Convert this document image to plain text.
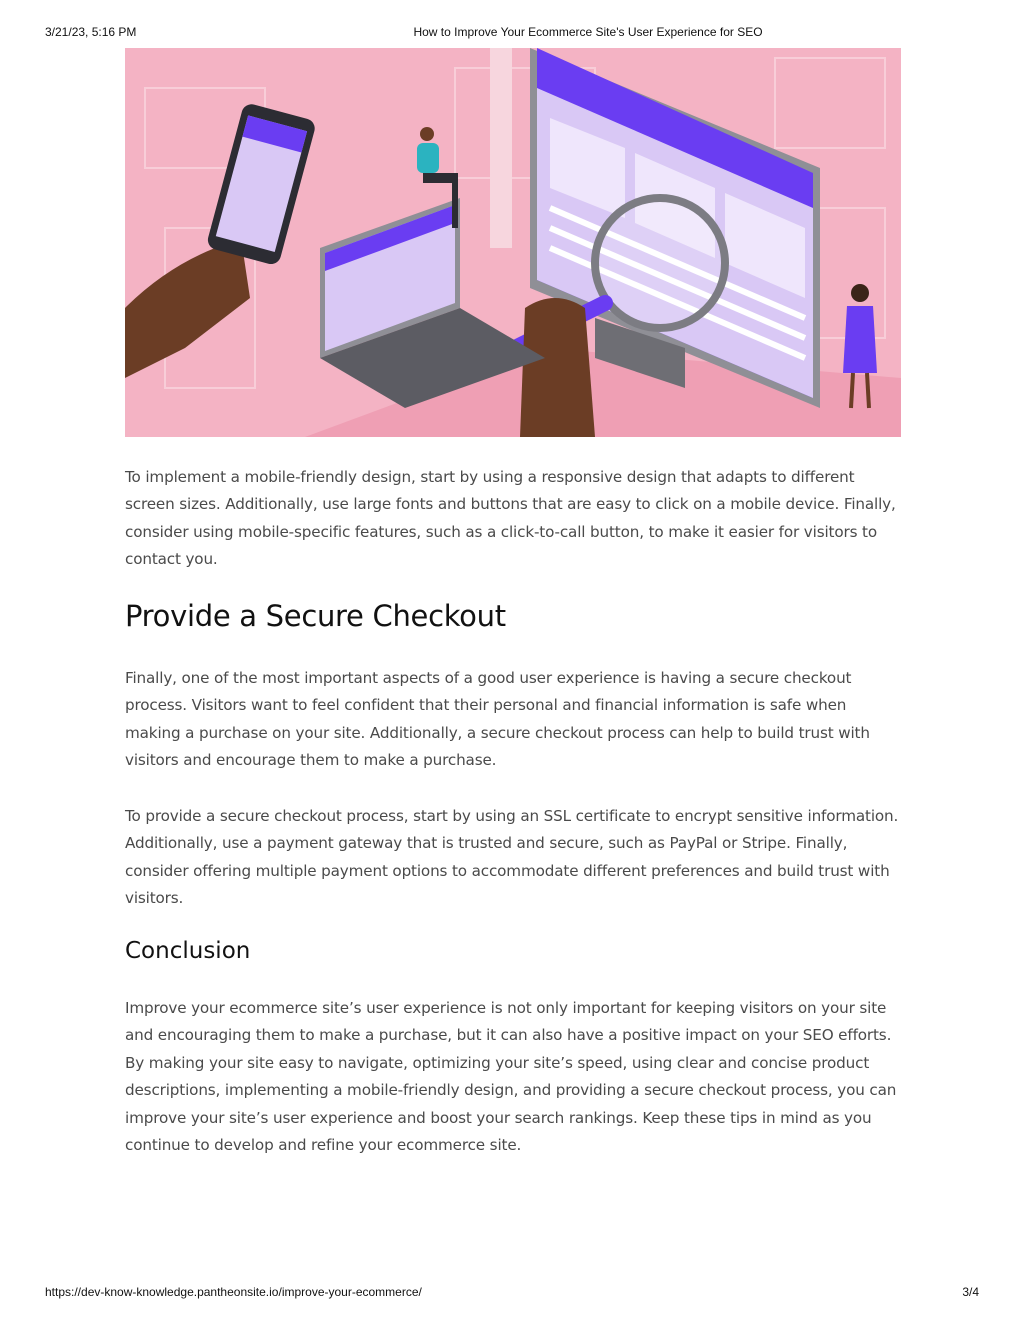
3/21/23, 5:16 PM	How to Improve Your Ecommerce Site's User Experience for SEO

To implement a mobile-friendly design, start by using a responsive design that adapts to different screen sizes. Additionally, use large fonts and buttons that are easy to click on a mobile device. Finally, consider using mobile-specific features, such as a click-to-call button, to make it easier for visitors to contact you.

Provide a Secure Checkout

Finally, one of the most important aspects of a good user experience is having a secure checkout process. Visitors want to feel confident that their personal and financial information is safe when making a purchase on your site. Additionally, a secure checkout process can help to build trust with visitors and encourage them to make a purchase.

To provide a secure checkout process, start by using an SSL certificate to encrypt sensitive information. Additionally, use a payment gateway that is trusted and secure, such as PayPal or Stripe. Finally, consider offering multiple payment options to accommodate different preferences and build trust with visitors.

Conclusion

Improve your ecommerce site’s user experience is not only important for keeping visitors on your site and encouraging them to make a purchase, but it can also have a positive impact on your SEO efforts. By making your site easy to navigate, optimizing your site’s speed, using clear and concise product descriptions, implementing a mobile-friendly design, and providing a secure checkout process, you can improve your site’s user experience and boost your search rankings. Keep these tips in mind as you continue to develop and refine your ecommerce site.

https://dev-know-knowledge.pantheonsite.io/improve-your-ecommerce/	3/4
